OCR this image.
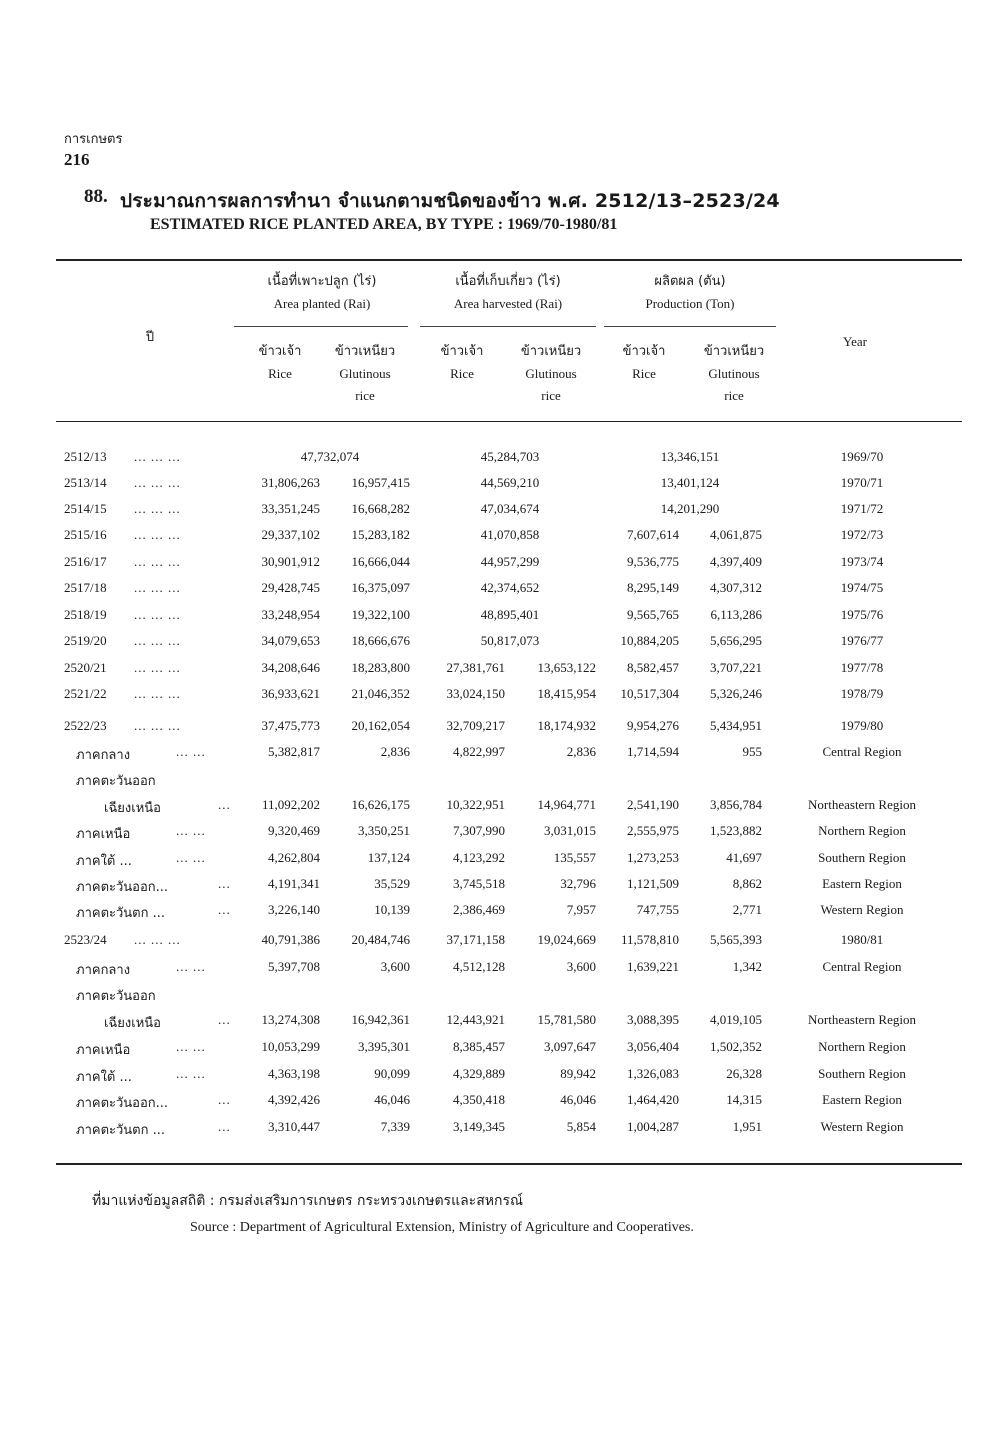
การเกษตร
216
88. ประมาณการผลการทำนา จำแนกตามชนิดของข้าว พ.ศ. 2512/13–2523/24
ESTIMATED RICE PLANTED AREA, BY TYPE : 1969/70-1980/81
ปี	Year
เนื้อที่เพาะปลูก (ไร่)
Area planted (Rai)
เนื้อที่เก็บเกี่ยว (ไร่)
Area harvested (Rai)
ผลิตผล (ตัน)
Production (Ton)
ข้าวเจ้า
Rice
ข้าวเหนียว
Glutinous
rice
ข้าวเจ้า
Rice
ข้าวเหนียว
Glutinous
rice
ข้าวเจ้า
Rice
ข้าวเหนียว
Glutinous
rice
2512/13 ... ... ...	47,732,074	45,284,703	13,346,151	1969/70
2513/14 ... ... ...	31,806,263	16,957,415	44,569,210	13,401,124	1970/71
2514/15 ... ... ...	33,351,245	16,668,282	47,034,674	14,201,290	1971/72
2515/16 ... ... ...	29,337,102	15,283,182	41,070,858	7,607,614	4,061,875	1972/73
2516/17 ... ... ...	30,901,912	16,666,044	44,957,299	9,536,775	4,397,409	1973/74
2517/18 ... ... ...	29,428,745	16,375,097	42,374,652	8,295,149	4,307,312	1974/75
2518/19 ... ... ...	33,248,954	19,322,100	48,895,401	9,565,765	6,113,286	1975/76
2519/20 ... ... ...	34,079,653	18,666,676	50,817,073	10,884,205	5,656,295	1976/77
2520/21 ... ... ...	34,208,646	18,283,800	27,381,761	13,653,122	8,582,457	3,707,221	1977/78
2521/22 ... ... ...	36,933,621	21,046,352	33,024,150	18,415,954	10,517,304	5,326,246	1978/79
2522/23 ... ... ...	37,475,773	20,162,054	32,709,217	18,174,932	9,954,276	5,434,951	1979/80
ภาคกลาง	... ...	5,382,817	2,836	4,822,997	2,836	1,714,594	955	Central Region
ภาคตะวันออก
เฉียงเหนือ	...	11,092,202	16,626,175	10,322,951	14,964,771	2,541,190	3,856,784	Northeastern Region
ภาคเหนือ	... ...	9,320,469	3,350,251	7,307,990	3,031,015	2,555,975	1,523,882	Northern Region
ภาคใต้ ...	... ...	4,262,804	137,124	4,123,292	135,557	1,273,253	41,697	Southern Region
ภาคตะวันออก...	...	4,191,341	35,529	3,745,518	32,796	1,121,509	8,862	Eastern Region
ภาคตะวันตก ...	...	3,226,140	10,139	2,386,469	7,957	747,755	2,771	Western Region
2523/24 ... ... ...	40,791,386	20,484,746	37,171,158	19,024,669	11,578,810	5,565,393	1980/81
ภาคกลาง	... ...	5,397,708	3,600	4,512,128	3,600	1,639,221	1,342	Central Region
ภาคตะวันออก
เฉียงเหนือ	...	13,274,308	16,942,361	12,443,921	15,781,580	3,088,395	4,019,105	Northeastern Region
ภาคเหนือ	... ...	10,053,299	3,395,301	8,385,457	3,097,647	3,056,404	1,502,352	Northern Region
ภาคใต้ ...	... ...	4,363,198	90,099	4,329,889	89,942	1,326,083	26,328	Southern Region
ภาคตะวันออก...	...	4,392,426	46,046	4,350,418	46,046	1,464,420	14,315	Eastern Region
ภาคตะวันตก ...	...	3,310,447	7,339	3,149,345	5,854	1,004,287	1,951	Western Region
ที่มาแห่งข้อมูลสถิติ : กรมส่งเสริมการเกษตร กระทรวงเกษตรและสหกรณ์
Source : Department of Agricultural Extension, Ministry of Agriculture and Cooperatives.
